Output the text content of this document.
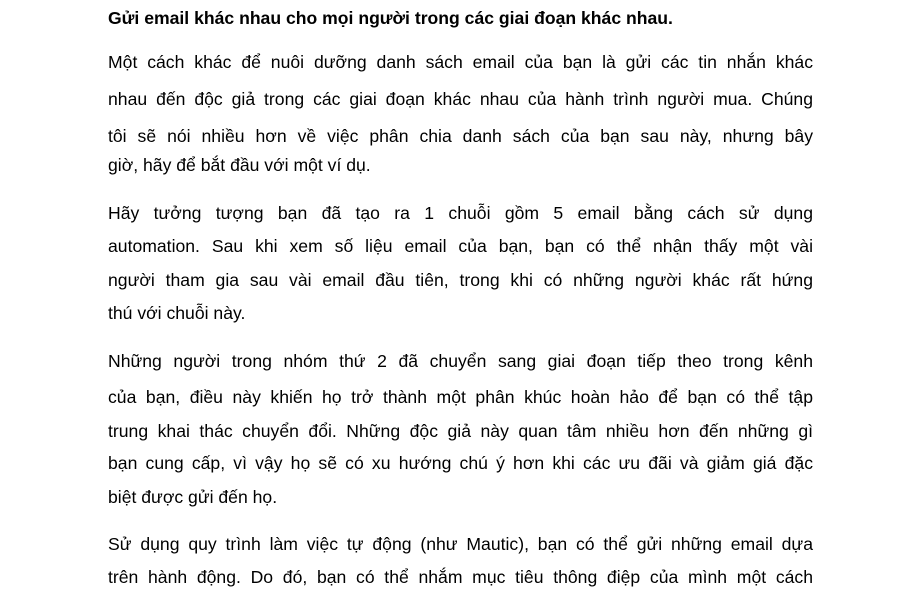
Gửi email khác nhau cho mọi người trong các giai đoạn khác nhau.
Một cách khác để nuôi dưỡng danh sách email của bạn là gửi các tin nhắn khác
nhau đến độc giả trong các giai đoạn khác nhau của hành trình người mua. Chúng
tôi sẽ nói nhiều hơn về việc phân chia danh sách của bạn sau này, nhưng bây
giờ, hãy để bắt đầu với một ví dụ.
Hãy tưởng tượng bạn đã tạo ra 1 chuỗi gồm 5 email bằng cách sử dụng
automation. Sau khi xem số liệu email của bạn, bạn có thể nhận thấy một vài
người tham gia sau vài email đầu tiên, trong khi có những người khác rất hứng
thú với chuỗi này.
Những người trong nhóm thứ 2 đã chuyển sang giai đoạn tiếp theo trong kênh
của bạn, điều này khiến họ trở thành một phân khúc hoàn hảo để bạn có thể tập
trung khai thác chuyển đổi. Những độc giả này quan tâm nhiều hơn đến những gì
bạn cung cấp, vì vậy họ sẽ có xu hướng chú ý hơn khi các ưu đãi và giảm giá đặc
biệt được gửi đến họ.
Sử dụng quy trình làm việc tự động (như Mautic), bạn có thể gửi những email dựa
trên hành động. Do đó, bạn có thể nhắm mục tiêu thông điệp của mình một cách
